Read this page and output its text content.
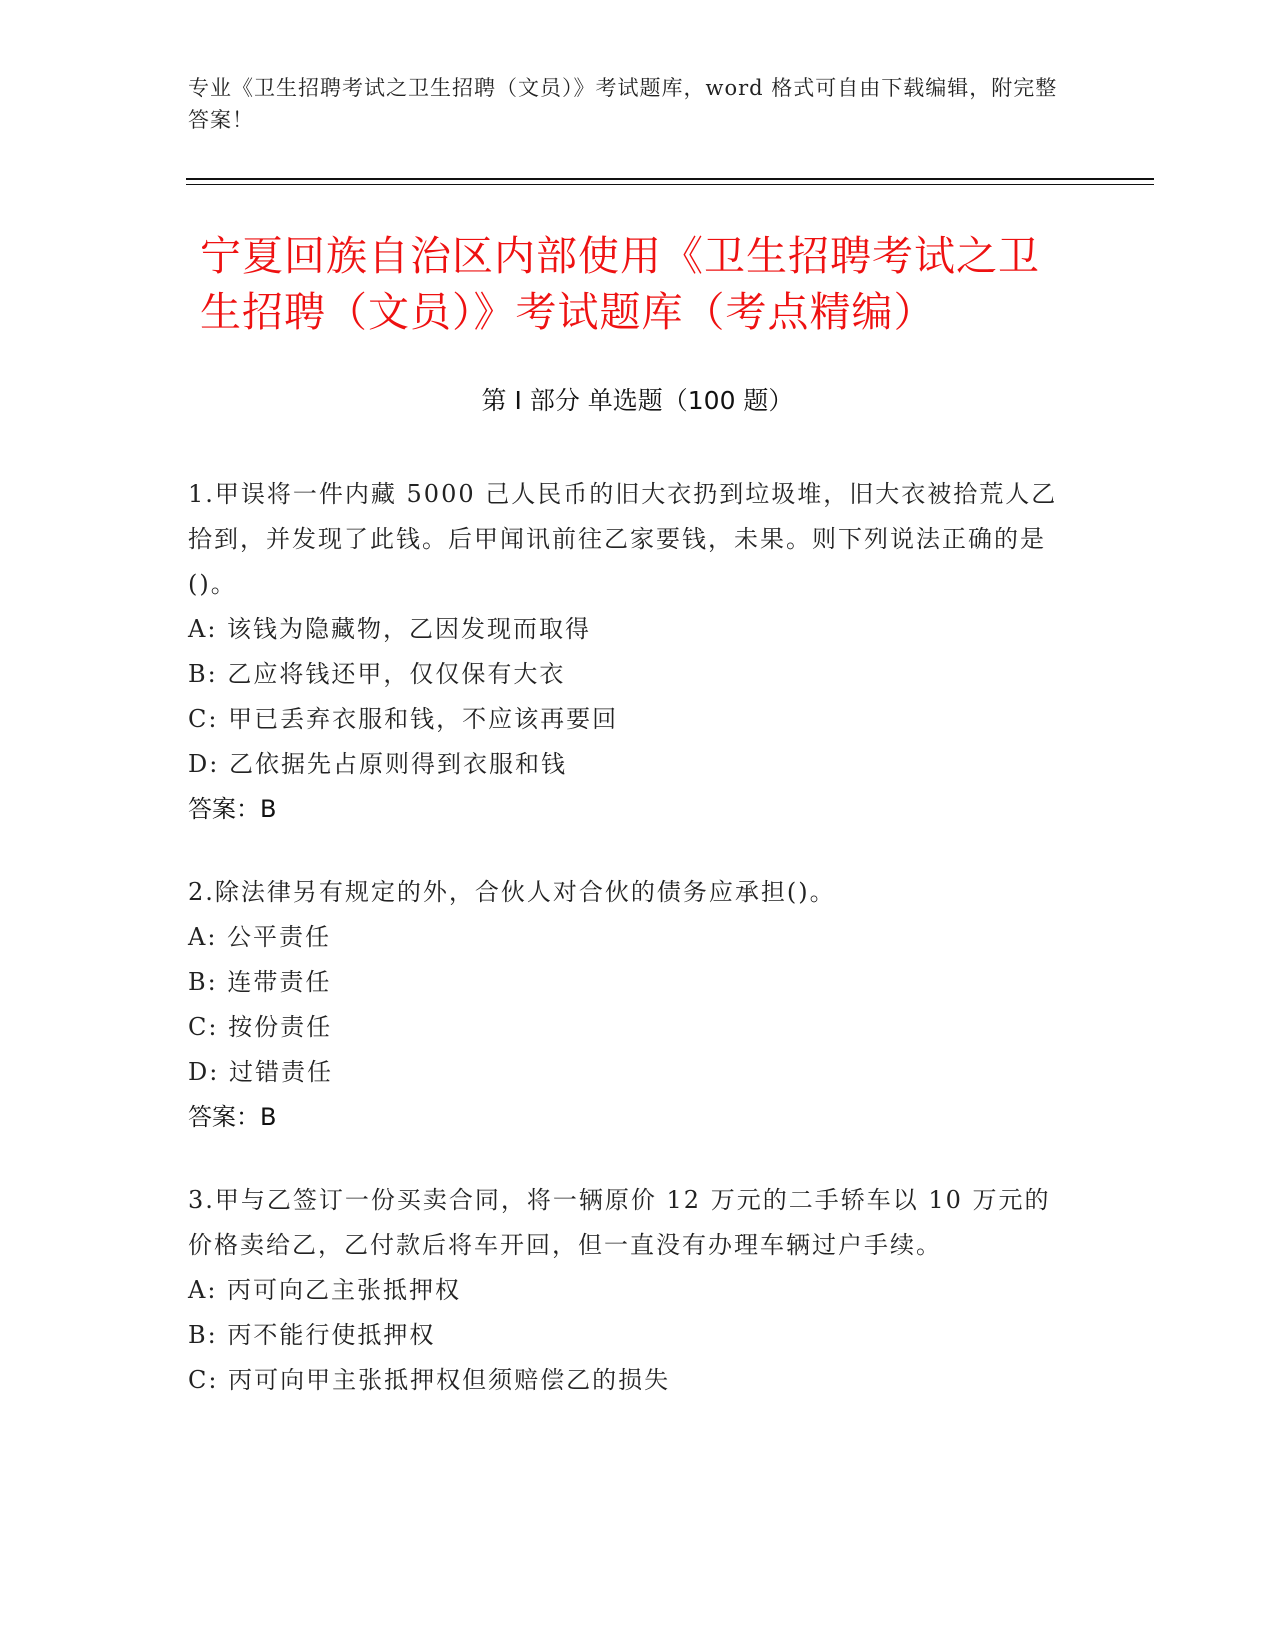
专业《卫生招聘考试之卫生招聘（文员）》考试题库，word 格式可自由下载编辑，附完整答案！
宁夏回族自治区内部使用《卫生招聘考试之卫生招聘（文员）》考试题库（考点精编）
第 I 部分 单选题（100 题）
1.甲误将一件内藏 5000 己人民币的旧大衣扔到垃圾堆，旧大衣被拾荒人乙拾到，并发现了此钱。后甲闻讯前往乙家要钱，未果。则下列说法正确的是()。
A: 该钱为隐藏物，乙因发现而取得
B: 乙应将钱还甲，仅仅保有大衣
C: 甲已丢弃衣服和钱，不应该再要回
D: 乙依据先占原则得到衣服和钱
答案：B
2.除法律另有规定的外，合伙人对合伙的债务应承担()。
A: 公平责任
B: 连带责任
C: 按份责任
D: 过错责任
答案：B
3.甲与乙签订一份买卖合同，将一辆原价 12 万元的二手轿车以 10 万元的价格卖给乙，乙付款后将车开回，但一直没有办理车辆过户手续。
A: 丙可向乙主张抵押权
B: 丙不能行使抵押权
C: 丙可向甲主张抵押权但须赔偿乙的损失
